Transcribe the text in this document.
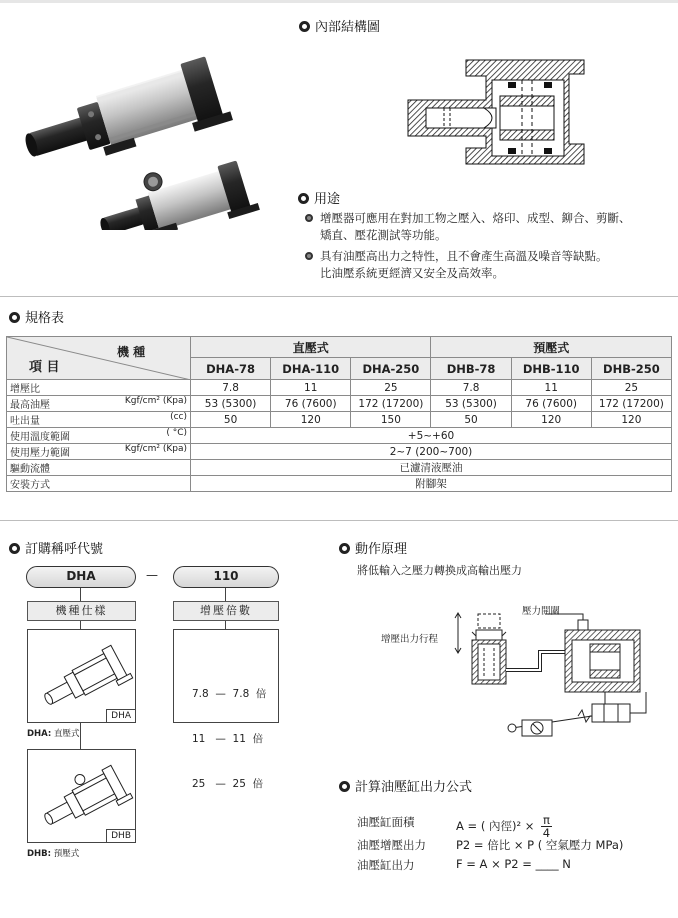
內部結構圖
用途
增壓器可應用在對加工物之壓入、烙印、成型、鉚合、剪斷、
矯直、壓花測試等功能。
具有油壓高出力之特性，且不會產生高溫及噪音等缺點。
比油壓系統更經濟又安全及高效率。
規格表
機 種
項 目	直壓式			預壓式		
	DHA-78	DHA-110	DHA-250	DHB-78	DHB-110	DHB-250
增壓比	7.8	11	25	7.8	11	25
最高油壓 Kgf/cm² (Kpa)	53 (5300)	76 (7600)	172 (17200)	53 (5300)	76 (7600)	172 (17200)
吐出量 (cc)	50	120	150	50	120	120
使用溫度範圍 ( °C)	+5~+60					
使用壓力範圍 Kgf/cm² (Kpa)	2~7 (200~700)					
驅動流體	已濾清液壓油					
安裝方式	附腳架					
訂購稱呼代號
DHA	—	110
機種仕樣	增壓倍數
DHA
DHA: 直壓式
DHB
DHB: 預壓式

7.8  —  7.8  倍

11   —  11  倍

25   —  25  倍

動作原理
將低輸入之壓力轉換成高輸出壓力
壓力開關
增壓出力行程
計算油壓缸出力公式
油壓缸面積	A = ( 內徑)$^2 \times \frac{\pi}{4}$
油壓增壓出力	P2 = 倍比 × P ( 空氣壓力 MPa)
油壓缸出力	F = A × P2 = ____ N
